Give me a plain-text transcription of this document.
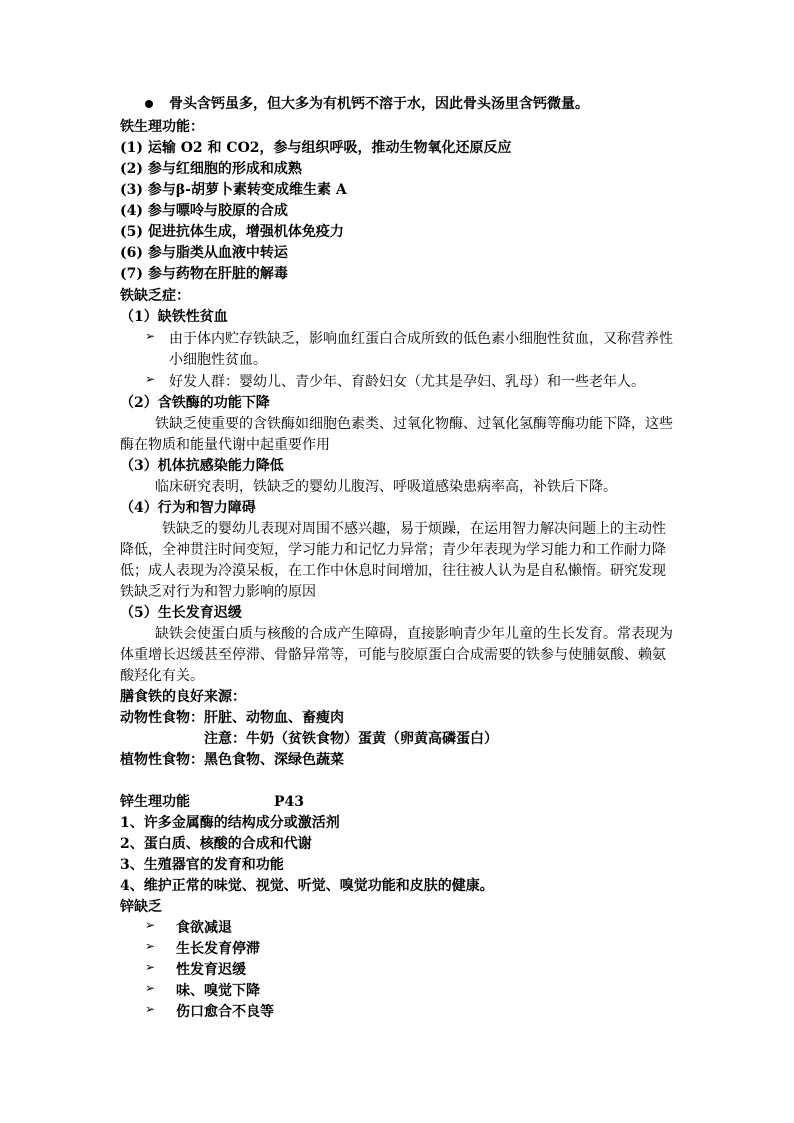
骨头含钙虽多，但大多为有机钙不溶于水，因此骨头汤里含钙微量。
铁生理功能：
(1) 运输 O2 和 CO2，参与组织呼吸，推动生物氧化还原反应
(2) 参与红细胞的形成和成熟
(3) 参与β-胡萝卜素转变成维生素 A
(4) 参与嘌呤与胶原的合成
(5) 促进抗体生成，增强机体免疫力
(6) 参与脂类从血液中转运
(7) 参与药物在肝脏的解毒
铁缺乏症：
（1）缺铁性贫血
➢ 由于体内贮存铁缺乏，影响血红蛋白合成所致的低色素小细胞性贫血，又称营养性
小细胞性贫血。
➢ 好发人群：婴幼儿、青少年、育龄妇女（尤其是孕妇、乳母）和一些老年人。
（2）含铁酶的功能下降
铁缺乏使重要的含铁酶如细胞色素类、过氧化物酶、过氧化氢酶等酶功能下降，这些
酶在物质和能量代谢中起重要作用
（3）机体抗感染能力降低
临床研究表明，铁缺乏的婴幼儿腹泻、呼吸道感染患病率高，补铁后下降。
（4）行为和智力障碍
铁缺乏的婴幼儿表现对周围不感兴趣，易于烦躁，在运用智力解决问题上的主动性
降低，全神贯注时间变短，学习能力和记忆力异常；青少年表现为学习能力和工作耐力降
低；成人表现为冷漠呆板，在工作中休息时间增加，往往被人认为是自私懒惰。研究发现
铁缺乏对行为和智力影响的原因
（5）生长发育迟缓
缺铁会使蛋白质与核酸的合成产生障碍，直接影响青少年儿童的生长发育。常表现为
体重增长迟缓甚至停滞、骨骼异常等，可能与胶原蛋白合成需要的铁参与使脯氨酸、赖氨
酸羟化有关。
膳食铁的良好来源：
动物性食物：肝脏、动物血、畜瘦肉
注意：牛奶（贫铁食物）蛋黄（卵黄高磷蛋白）
植物性食物：黑色食物、深绿色蔬菜
锌生理功能	P43
1、许多金属酶的结构成分或激活剂
2、蛋白质、核酸的合成和代谢
3、生殖器官的发育和功能
4、维护正常的味觉、视觉、听觉、嗅觉功能和皮肤的健康。
锌缺乏
➢ 食欲减退
➢ 生长发育停滞
➢ 性发育迟缓
➢ 味、嗅觉下降
➢ 伤口愈合不良等
